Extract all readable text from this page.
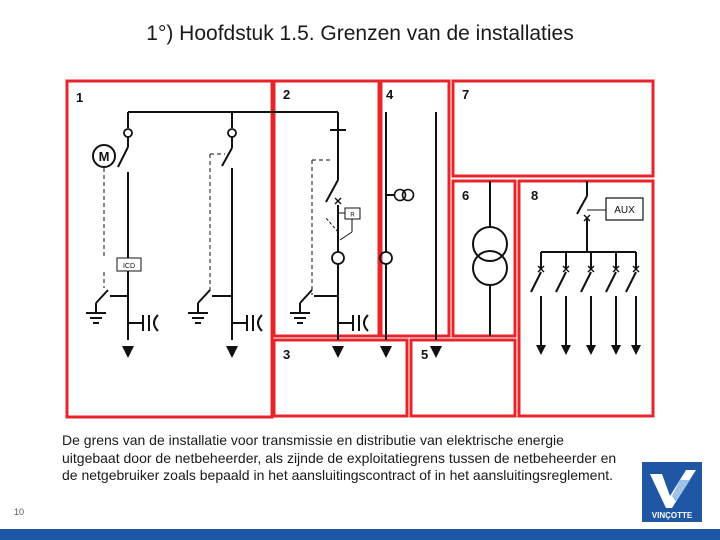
1°) Hoofdstuk 1.5. Grenzen van de installaties
1	2	4	7
6	8
3	5
M
ICD
R	AUX
De grens van de installatie voor transmissie en distributie van elektrische energie uitgebaat door de netbeheerder, als zijnde de exploitatiegrens tussen de netbeheerder en de netgebruiker zoals bepaald in het aansluitingscontract of in het aansluitingsreglement.
10	VINÇOTTE
